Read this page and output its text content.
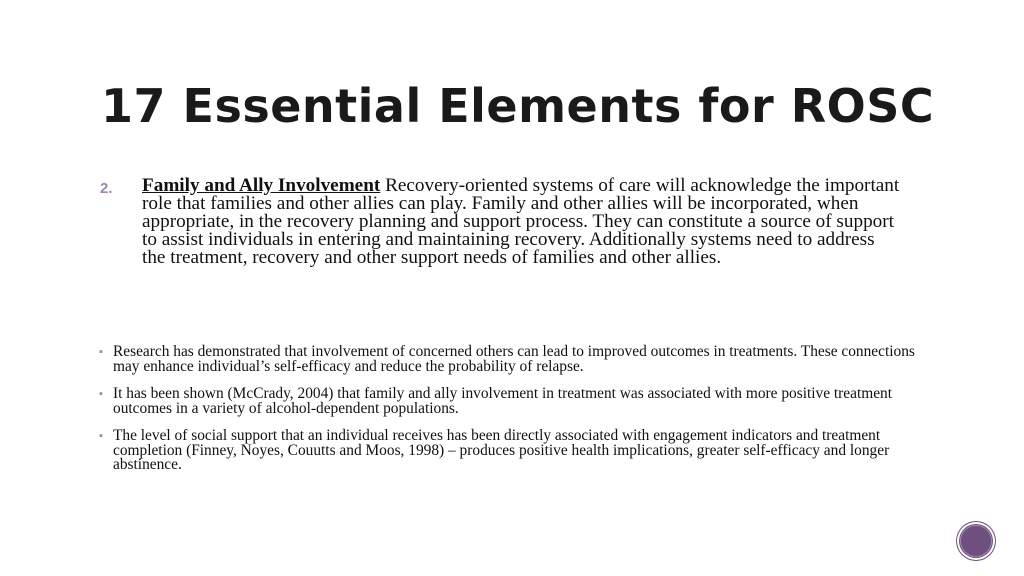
17 Essential Elements for ROSC
2. Family and Ally Involvement Recovery-oriented systems of care will acknowledge the important role that families and other allies can play. Family and other allies will be incorporated, when appropriate, in the recovery planning and support process. They can constitute a source of support to assist individuals in entering and maintaining recovery. Additionally systems need to address the treatment, recovery and other support needs of families and other allies.
▪ Research has demonstrated that involvement of concerned others can lead to improved outcomes in treatments. These connections may enhance individual’s self-efficacy and reduce the probability of relapse.
▪ It has been shown (McCrady, 2004) that family and ally involvement in treatment was associated with more positive treatment outcomes in a variety of alcohol-dependent populations.
▪ The level of social support that an individual receives has been directly associated with engagement indicators and treatment completion (Finney, Noyes, Couutts and Moos, 1998) – produces positive health implications, greater self-efficacy and longer abstinence.
